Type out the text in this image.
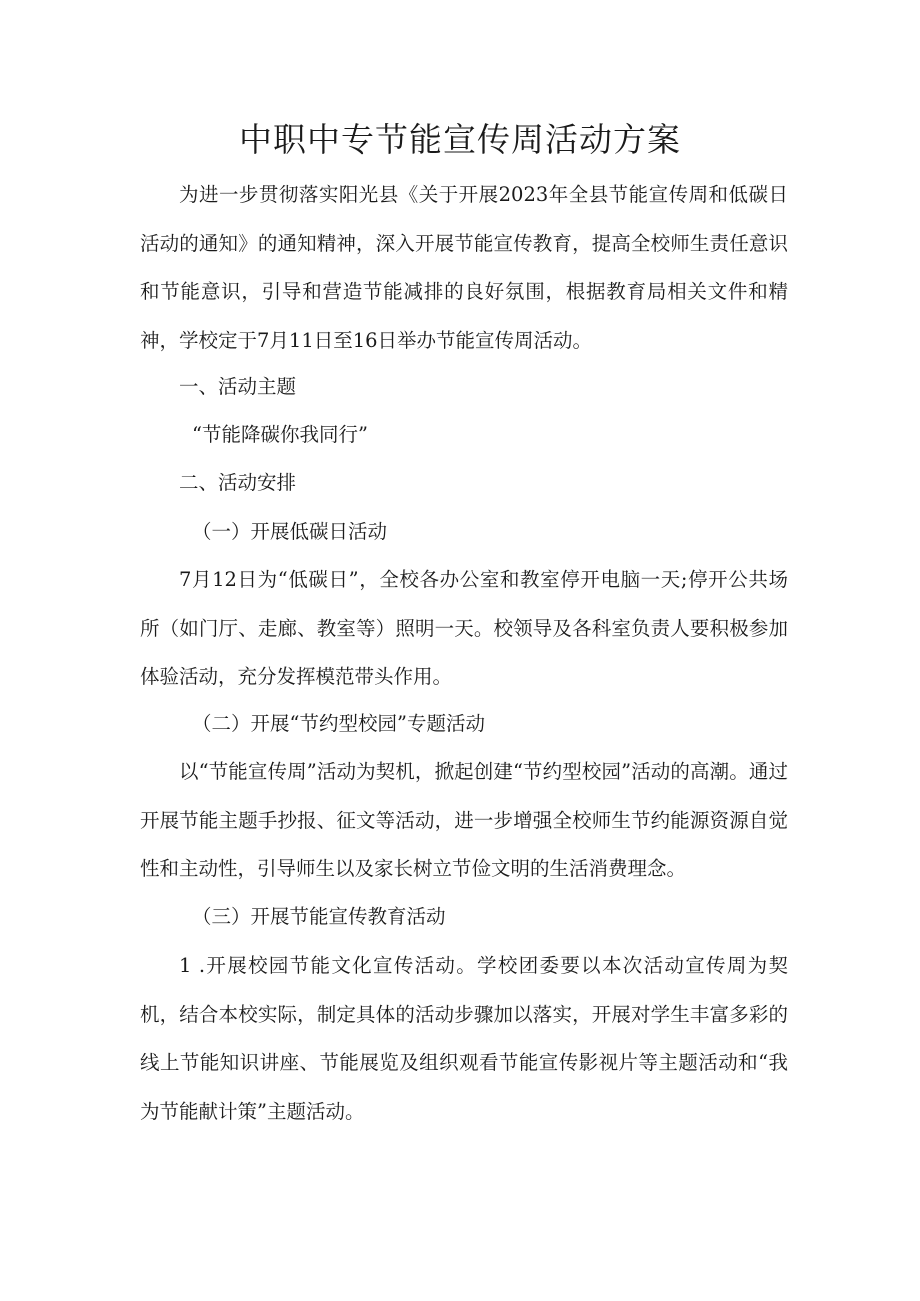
中职中专节能宣传周活动方案

为进一步贯彻落实阳光县《关于开展2023年全县节能宣传周和低碳日活动的通知》的通知精神，深入开展节能宣传教育，提高全校师生责任意识和节能意识，引导和营造节能减排的良好氛围，根据教育局相关文件和精神，学校定于7月11日至16日举办节能宣传周活动。

一、活动主题

“节能降碳你我同行”

二、活动安排

（一）开展低碳日活动

7月12日为“低碳日”，全校各办公室和教室停开电脑一天;停开公共场所（如门厅、走廊、教室等）照明一天。校领导及各科室负责人要积极参加体验活动，充分发挥模范带头作用。

（二）开展“节约型校园”专题活动

以“节能宣传周”活动为契机，掀起创建“节约型校园”活动的高潮。通过开展节能主题手抄报、征文等活动，进一步增强全校师生节约能源资源自觉性和主动性，引导师生以及家长树立节俭文明的生活消费理念。

（三）开展节能宣传教育活动

1 .开展校园节能文化宣传活动。学校团委要以本次活动宣传周为契机，结合本校实际，制定具体的活动步骤加以落实，开展对学生丰富多彩的线上节能知识讲座、节能展览及组织观看节能宣传影视片等主题活动和“我为节能献计策”主题活动。
